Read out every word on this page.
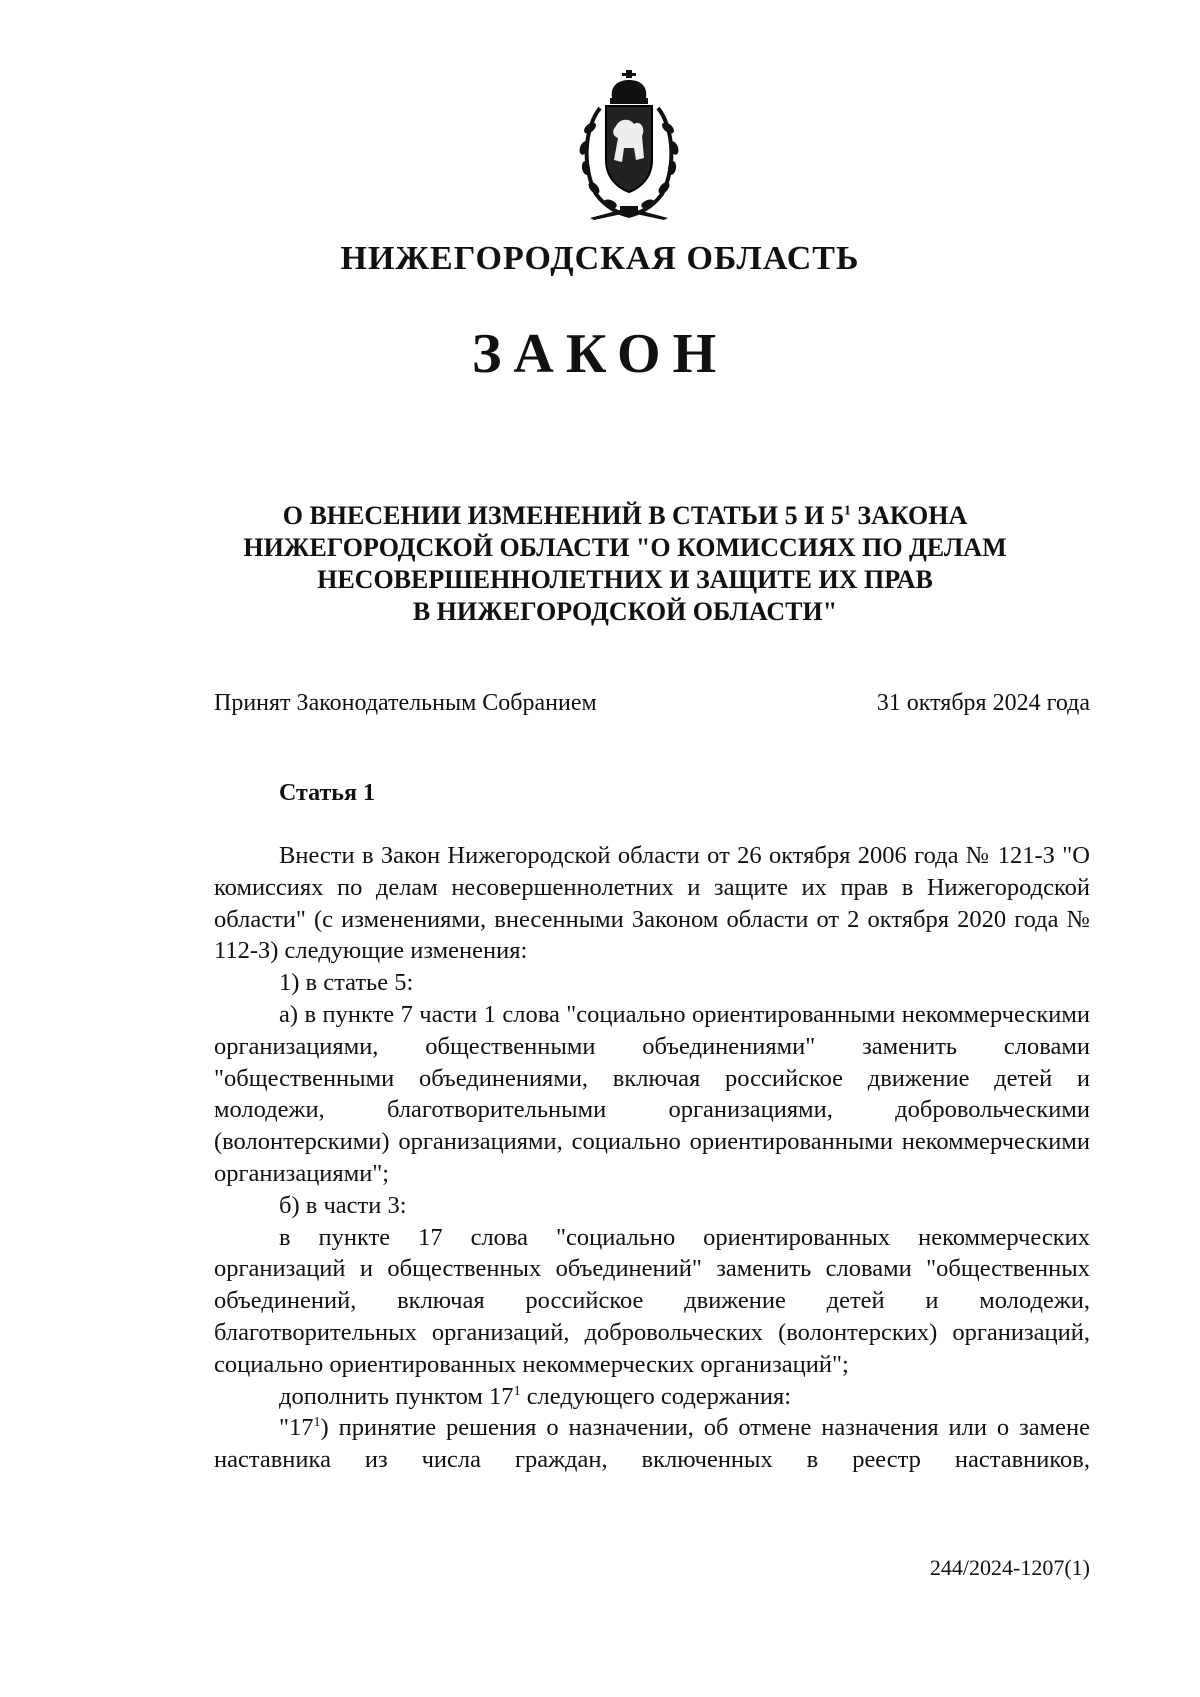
НИЖЕГОРОДСКАЯ ОБЛАСТЬ
ЗАКОН
О ВНЕСЕНИИ ИЗМЕНЕНИЙ В СТАТЬИ 5 И $5^1$ ЗАКОНА
НИЖЕГОРОДСКОЙ ОБЛАСТИ "О КОМИССИЯХ ПО ДЕЛАМ
НЕСОВЕРШЕННОЛЕТНИХ И ЗАЩИТЕ ИХ ПРАВ
В НИЖЕГОРОДСКОЙ ОБЛАСТИ"
Принят Законодательным Собранием	31 октября 2024 года
Статья 1

Внести в Закон Нижегородской области от 26 октября 2006 года № 121-З "О комиссиях по делам несовершеннолетних и защите их прав в Нижегородской области" (с изменениями, внесенными Законом области от 2 октября 2020 года № 112-З) следующие изменения:

1) в статье 5:

а) в пункте 7 части 1 слова "социально ориентированными некоммерческими организациями, общественными объединениями" заменить словами "общественными объединениями, включая российское движение детей и молодежи, благотворительными организациями, добровольческими (волонтерскими) организациями, социально ориентированными некоммерческими организациями";

б) в части 3:

в пункте 17 слова "социально ориентированных некоммерческих организаций и общественных объединений" заменить словами "общественных объединений, включая российское движение детей и молодежи, благотворительных организаций, добровольческих (волонтерских) организаций, социально ориентированных некоммерческих организаций";

дополнить пунктом $17^1$ следующего содержания:

"$17^1$) принятие решения о назначении, об отмене назначения или о замене наставника из числа граждан, включенных в реестр наставников,

244/2024-1207(1)
